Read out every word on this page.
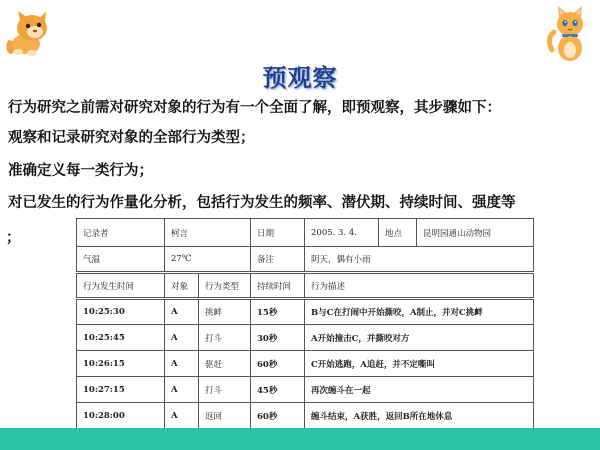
预观察
行为研究之前需对研究对象的行为有一个全面了解，即预观察，其步骤如下：
观察和记录研究对象的全部行为类型；
准确定义每一类行为；
对已发生的行为作量化分析，包括行为发生的频率、潜伏期、持续时间、强度等
；	记录者	柯言		日期	2005. 3. 4.	地点	昆明园通山动物园
气温	27℃		备注	阴天，偶有小雨		
行为发生时间	对象	行为类型	持续时间	行为描述		
10:25:30	A	挑衅	15秒	B与C在打闹中开始撕咬，A制止，并对C挑衅		
10:25:45	A	打斗	30秒	A开始撞击C，并撕咬对方		
10:26:15	A	驱赶	60秒	C开始逃跑，A追赶，并不定嘶叫		
10:27:15	A	打斗	45秒	再次缠斗在一起		
10:28:00	A	返回	60秒	缠斗结束，A获胜，返回B所在地休息		
